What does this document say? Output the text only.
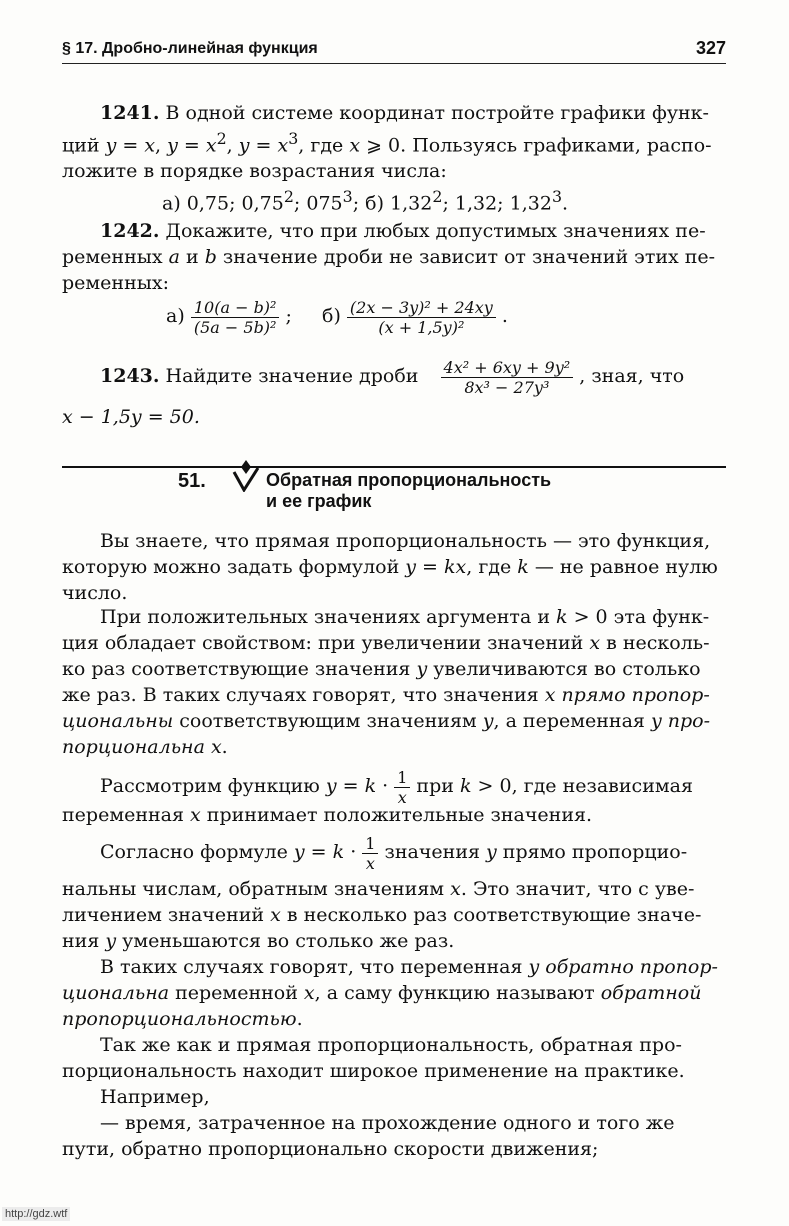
§ 17. Дробно-линейная функция	327
1241. В одной системе координат постройте графики функ-
ций y = x, $y = x^2$, $y = x^3$, где x ⩾ 0. Пользуясь графиками, распо-
ложите в порядке возрастания числа:
а) 0,75; 0,75$^2$; $075^3$; б) 1,32$^2$; 1,32; 1,32$^3$.
1242. Докажите, что при любых допустимых значениях пе-
ременных a и b значение дроби не зависит от значений этих пе-
ременных:
$а) \frac{\text{10(a − b)²}}{\text{(5a − 5b)²}}$ ; $б) \frac{\text{(2x − 3y)² + 24xy}}{\text{(x + 1,5y)²}}$ .
1243. Найдите значение дроби $\frac{\text{4x² + 6xy + 9y²}}{\text{8x³ − 27y³}}$ , зная, что
x − 1,5y = 50.
51.	Обратная пропорциональность
и ее график
Вы знаете, что прямая пропорциональность — это функция,
которую можно задать формулой y = kx, где k — не равное нулю
число.
При положительных значениях аргумента и k > 0 эта функ-
ция обладает свойством: при увеличении значений x в несколь-
ко раз соответствующие значения y увеличиваются во столько
же раз. В таких случаях говорят, что значения x прямо пропор-
циональны соответствующим значениям y, а переменная y про-
порциональна x.
Рассмотрим функцию $y = k \cdot \frac{1}{x}$ при k > 0, где независимая
переменная x принимает положительные значения.
Согласно формуле $y = k \cdot \frac{1}{x}$ значения y прямо пропорцио-
нальны числам, обратным значениям x. Это значит, что с уве-
личением значений x в несколько раз соответствующие значе-
ния y уменьшаются во столько же раз.
В таких случаях говорят, что переменная y обратно пропор-
циональна переменной x, а саму функцию называют обратной
пропорциональностью.
Так же как и прямая пропорциональность, обратная про-
порциональность находит широкое применение на практике.
Например,
— время, затраченное на прохождение одного и того же
пути, обратно пропорционально скорости движения;
http://gdz.wtf
